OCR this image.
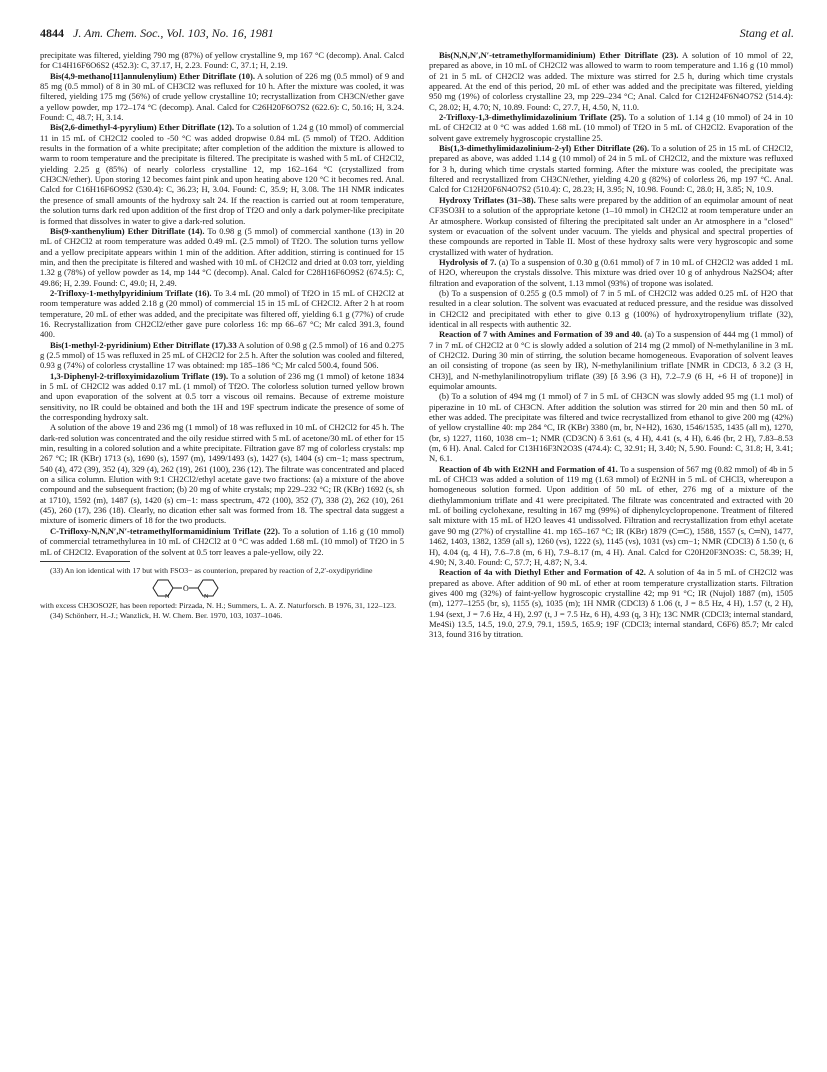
4844 J. Am. Chem. Soc., Vol. 103, No. 16, 1981	Stang et al.

precipitate was filtered, yielding 790 mg (87%) of yellow crystalline 9, mp 167 °C (decomp). Anal. Calcd for C14H16F6O6S2 (452.3): C, 37.17, H, 2.23. Found: C, 37.1; H, 2.19.

Bis(4,9-methano[11]annulenylium) Ether Ditriflate (10). A solution of 226 mg (0.5 mmol) of 9 and 85 mg (0.5 mmol) of 8 in 30 mL of CH3Cl2 was refluxed for 10 h. After the mixture was cooled, it was filtered, yielding 175 mg (56%) of crude yellow crystalline 10; recrystallization from CH3CN/ether gave a yellow powder, mp 172–174 °C (decomp). Anal. Calcd for C26H20F6O7S2 (622.6): C, 50.16; H, 3.24. Found: C, 48.7; H, 3.14.

Bis(2,6-dimethyl-4-pyrylium) Ether Ditriflate (12). To a solution of 1.24 g (10 mmol) of commercial 11 in 15 mL of CH2Cl2 cooled to -50 °C was added dropwise 0.84 mL (5 mmol) of Tf2O. Addition results in the formation of a white precipitate; after completion of the addition the mixture is allowed to warm to room temperature and the precipitate is filtered. The precipitate is washed with 5 mL of CH2Cl2, yielding 2.25 g (85%) of nearly colorless crystalline 12, mp 162–164 °C (crystallized from CH3CN/ether). Upon storing 12 becomes faint pink and upon heating above 120 °C it becomes red. Anal. Calcd for C16H16F6O9S2 (530.4): C, 36.23; H, 3.04. Found: C, 35.9; H, 3.08. The 1H NMR indicates the presence of small amounts of the hydroxy salt 24. If the reaction is carried out at room temperature, the solution turns dark red upon addition of the first drop of Tf2O and only a dark polymer-like precipitate is formed that dissolves in water to give a dark-red solution.

Bis(9-xanthenylium) Ether Ditriflate (14). To 0.98 g (5 mmol) of commercial xanthone (13) in 20 mL of CH2Cl2 at room temperature was added 0.49 mL (2.5 mmol) of Tf2O. The solution turns yellow and a yellow precipitate appears within 1 min of the addition. After addition, stirring is continued for 15 min, and then the precipitate is filtered and washed with 10 mL of CH2Cl2 and dried at 0.03 torr, yielding 1.32 g (78%) of yellow powder as 14, mp 144 °C (decomp). Anal. Calcd for C28H16F6O9S2 (674.5): C, 49.86; H, 2.39. Found: C, 49.0; H, 2.49.

2-Trifloxy-1-methylpyridinium Triflate (16). To 3.4 mL (20 mmol) of Tf2O in 15 mL of CH2Cl2 at room temperature was added 2.18 g (20 mmol) of commercial 15 in 15 mL of CH2Cl2. After 2 h at room temperature, 20 mL of ether was added, and the precipitate was filtered off, yielding 6.1 g (77%) of crude 16. Recrystallization from CH2Cl2/ether gave pure colorless 16: mp 66–67 °C; Mr calcd 391.3, found 400.

Bis(1-methyl-2-pyridinium) Ether Ditriflate (17).33 A solution of 0.98 g (2.5 mmol) of 16 and 0.275 g (2.5 mmol) of 15 was refluxed in 25 mL of CH2Cl2 for 2.5 h. After the solution was cooled and filtered, 0.93 g (74%) of colorless crystalline 17 was obtained: mp 185–186 °C; Mr calcd 500.4, found 506.

1,3-Diphenyl-2-trifloxyimidazolium Triflate (19). To a solution of 236 mg (1 mmol) of ketone 1834 in 5 mL of CH2Cl2 was added 0.17 mL (1 mmol) of Tf2O. The colorless solution turned yellow brown and upon evaporation of the solvent at 0.5 torr a viscous oil remains. Because of extreme moisture sensitivity, no IR could be obtained and both the 1H and 19F spectrum indicate the presence of some of the corresponding hydroxy salt.

A solution of the above 19 and 236 mg (1 mmol) of 18 was refluxed in 10 mL of CH2Cl2 for 45 h. The dark-red solution was concentrated and the oily residue stirred with 5 mL of acetone/30 mL of ether for 15 min, resulting in a colored solution and a white precipitate. Filtration gave 87 mg of colorless crystals: mp 267 °C; IR (KBr) 1713 (s), 1690 (s), 1597 (m), 1499/1493 (s), 1427 (s), 1404 (s) cm−1; mass spectrum, 540 (4), 472 (39), 352 (4), 329 (4), 262 (19), 261 (100), 236 (12). The filtrate was concentrated and placed on a silica column. Elution with 9:1 CH2Cl2/ethyl acetate gave two fractions: (a) a mixture of the above compound and the subsequent fraction; (b) 20 mg of white crystals; mp 229–232 °C; IR (KBr) 1692 (s, sh at 1710), 1592 (m), 1487 (s), 1420 (s) cm−1: mass spectrum, 472 (100), 352 (7), 338 (2), 262 (10), 261 (45), 260 (17), 236 (18). Clearly, no dication ether salt was formed from 18. The spectral data suggest a mixture of isomeric dimers of 18 for the two products.

C-Trifloxy-N,N,N′,N′-tetramethylformamidinium Triflate (22). To a solution of 1.16 g (10 mmol) of commercial tetramethylurea in 10 mL of CH2Cl2 at 0 °C was added 1.68 mL (10 mmol) of Tf2O in 5 mL of CH2Cl2. Evaporation of the solvent at 0.5 torr leaves a pale-yellow, oily 22.

(33) An ion identical with 17 but with FSO3− as counterion, prepared by reaction of 2,2′-oxydipyridine

O
N	N

with excess CH3OSO2F, has been reported: Pirzada, N. H.; Summers, L. A. Z. Naturforsch. B 1976, 31, 122–123.

(34) Schönherr, H.-J.; Wanzlick, H. W. Chem. Ber. 1970, 103, 1037–1046.

Bis(N,N,N′,N′-tetramethylformamidinium) Ether Ditriflate (23). A solution of 10 mmol of 22, prepared as above, in 10 mL of CH2Cl2 was allowed to warm to room temperature and 1.16 g (10 mmol) of 21 in 5 mL of CH2Cl2 was added. The mixture was stirred for 2.5 h, during which time crystals appeared. At the end of this period, 20 mL of ether was added and the precipitate was filtered, yielding 950 mg (19%) of colorless crystalline 23, mp 229–234 °C; Anal. Calcd for C12H24F6N4O7S2 (514.4): C, 28.02; H, 4.70; N, 10.89. Found: C, 27.7, H, 4.50, N, 11.0.

2-Trifloxy-1,3-dimethylimidazolinium Triflate (25). To a solution of 1.14 g (10 mmol) of 24 in 10 mL of CH2Cl2 at 0 °C was added 1.68 mL (10 mmol) of Tf2O in 5 mL of CH2Cl2. Evaporation of the solvent gave extremely hygroscopic crystalline 25.

Bis(1,3-dimethylimidazolinium-2-yl) Ether Ditriflate (26). To a solution of 25 in 15 mL of CH2Cl2, prepared as above, was added 1.14 g (10 mmol) of 24 in 5 mL of CH2Cl2, and the mixture was refluxed for 3 h, during which time crystals started forming. After the mixture was cooled, the precipitate was filtered and recrystallized from CH3CN/ether, yielding 4.20 g (82%) of colorless 26, mp 197 °C. Anal. Calcd for C12H20F6N4O7S2 (510.4): C, 28.23; H, 3.95; N, 10.98. Found: C, 28.0; H, 3.85; N, 10.9.

Hydroxy Triflates (31–38). These salts were prepared by the addition of an equimolar amount of neat CF3SO3H to a solution of the appropriate ketone (1–10 mmol) in CH2Cl2 at room temperature under an Ar atmosphere. Workup consisted of filtering the precipitated salt under an Ar atmosphere in a "closed" system or evacuation of the solvent under vacuum. The yields and physical and spectral properties of these compounds are reported in Table II. Most of these hydroxy salts were very hygroscopic and some crystallized with water of hydration.

Hydrolysis of 7. (a) To a suspension of 0.30 g (0.61 mmol) of 7 in 10 mL of CH2Cl2 was added 1 mL of H2O, whereupon the crystals dissolve. This mixture was dried over 10 g of anhydrous Na2SO4; after filtration and evaporation of the solvent, 1.13 mmol (93%) of tropone was isolated.

(b) To a suspension of 0.255 g (0.5 mmol) of 7 in 5 mL of CH2Cl2 was added 0.25 mL of H2O that resulted in a clear solution. The solvent was evacuated at reduced pressure, and the residue was dissolved in CH2Cl2 and precipitated with ether to give 0.13 g (100%) of hydroxytropenylium triflate (32), identical in all respects with authentic 32.

Reaction of 7 with Amines and Formation of 39 and 40. (a) To a suspension of 444 mg (1 mmol) of 7 in 7 mL of CH2Cl2 at 0 °C is slowly added a solution of 214 mg (2 mmol) of N-methylaniline in 3 mL of CH2Cl2. During 30 min of stirring, the solution became homogeneous. Evaporation of solvent leaves an oil consisting of tropone (as seen by IR), N-methylanilinium triflate [NMR in CDCl3, δ 3.2 (3 H, CH3)], and N-methylanilinotropylium triflate (39) [δ 3.96 (3 H), 7.2–7.9 (6 H, +6 H of tropone)] in equimolar amounts.

(b) To a solution of 494 mg (1 mmol) of 7 in 5 mL of CH3CN was slowly added 95 mg (1.1 mol) of piperazine in 10 mL of CH3CN. After addition the solution was stirred for 20 min and then 50 mL of ether was added. The precipitate was filtered and twice recrystallized from ethanol to give 200 mg (42%) of yellow crystalline 40: mp 284 °C, IR (KBr) 3380 (m, br, N+H2), 1630, 1546/1535, 1435 (all m), 1270, (br, s) 1227, 1160, 1038 cm−1; NMR (CD3CN) δ 3.61 (s, 4 H), 4.41 (s, 4 H), 6.46 (br, 2 H), 7.83–8.53 (m, 6 H). Anal. Calcd for C13H16F3N2O3S (474.4): C, 32.91; H, 3.40; N, 5.90. Found: C, 31.8; H, 3.41; N, 6.1.

Reaction of 4b with Et2NH and Formation of 41. To a suspension of 567 mg (0.82 mmol) of 4b in 5 mL of CHCl3 was added a solution of 119 mg (1.63 mmol) of Et2NH in 5 mL of CHCl3, whereupon a homogeneous solution formed. Upon addition of 50 mL of ether, 276 mg of a mixture of the diethylammonium triflate and 41 were precipitated. The filtrate was concentrated and extracted with 20 mL of boiling cyclohexane, resulting in 167 mg (99%) of diphenylcyclopropenone. Treatment of filtered salt mixture with 15 mL of H2O leaves 41 undissolved. Filtration and recrystallization from ethyl acetate gave 90 mg (27%) of crystalline 41. mp 165–167 °C; IR (KBr) 1879 (C═C), 1588, 1557 (s, C═N), 1477, 1462, 1403, 1382, 1359 (all s), 1260 (vs), 1222 (s), 1145 (vs), 1031 (vs) cm−1; NMR (CDCl3) δ 1.50 (t, 6 H), 4.04 (q, 4 H), 7.6–7.8 (m, 6 H), 7.9–8.17 (m, 4 H). Anal. Calcd for C20H20F3NO3S: C, 58.39; H, 4.90; N, 3.40. Found: C, 57.7; H, 4.87; N, 3.4.

Reaction of 4a with Diethyl Ether and Formation of 42. A solution of 4a in 5 mL of CH2Cl2 was prepared as above. After addition of 90 mL of ether at room temperature crystallization starts. Filtration gives 400 mg (32%) of faint-yellow hygroscopic crystalline 42; mp 91 °C; IR (Nujol) 1887 (m), 1505 (m), 1277–1255 (br, s), 1155 (s), 1035 (m); 1H NMR (CDCl3) δ 1.06 (t, J = 8.5 Hz, 4 H), 1.57 (t, 2 H), 1.94 (sext, J = 7.6 Hz, 4 H), 2.97 (t, J = 7.5 Hz, 6 H), 4.93 (q, 3 H); 13C NMR (CDCl3; internal standard, Me4Si) 13.5, 14.5, 19.0, 27.9, 79.1, 159.5, 165.9; 19F (CDCl3; internal standard, C6F6) 85.7; Mr calcd 313, found 316 by titration.
